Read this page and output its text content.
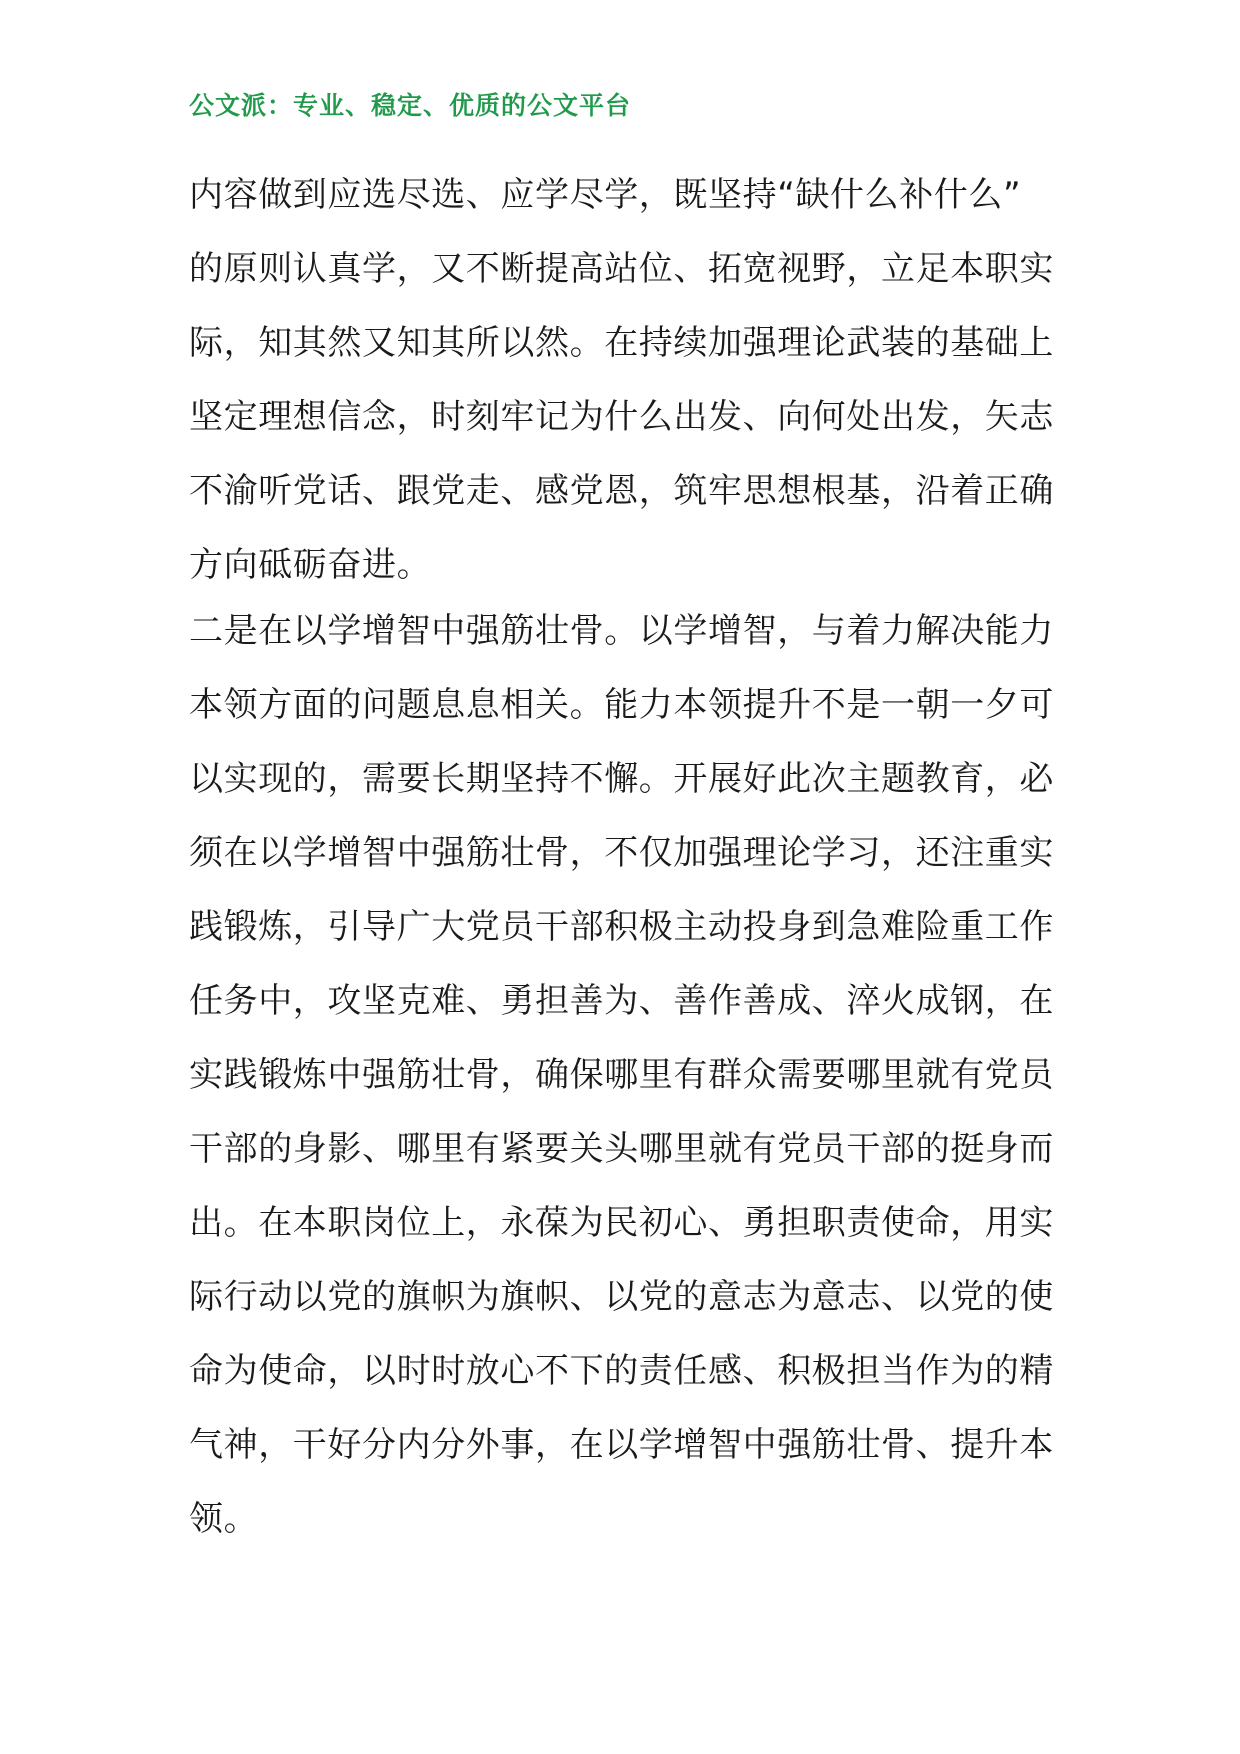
公文派：专业、稳定、优质的公文平台
内容做到应选尽选、应学尽学，既坚持“缺什么补什么”
的原则认真学，又不断提高站位、拓宽视野，立足本职实
际，知其然又知其所以然。在持续加强理论武装的基础上
坚定理想信念，时刻牢记为什么出发、向何处出发，矢志
不渝听党话、跟党走、感党恩，筑牢思想根基，沿着正确
方向砥砺奋进。
二是在以学增智中强筋壮骨。以学增智，与着力解决能力
本领方面的问题息息相关。能力本领提升不是一朝一夕可
以实现的，需要长期坚持不懈。开展好此次主题教育，必
须在以学增智中强筋壮骨，不仅加强理论学习，还注重实
践锻炼，引导广大党员干部积极主动投身到急难险重工作
任务中，攻坚克难、勇担善为、善作善成、淬火成钢，在
实践锻炼中强筋壮骨，确保哪里有群众需要哪里就有党员
干部的身影、哪里有紧要关头哪里就有党员干部的挺身而
出。在本职岗位上，永葆为民初心、勇担职责使命，用实
际行动以党的旗帜为旗帜、以党的意志为意志、以党的使
命为使命，以时时放心不下的责任感、积极担当作为的精
气神，干好分内分外事，在以学增智中强筋壮骨、提升本
领。
